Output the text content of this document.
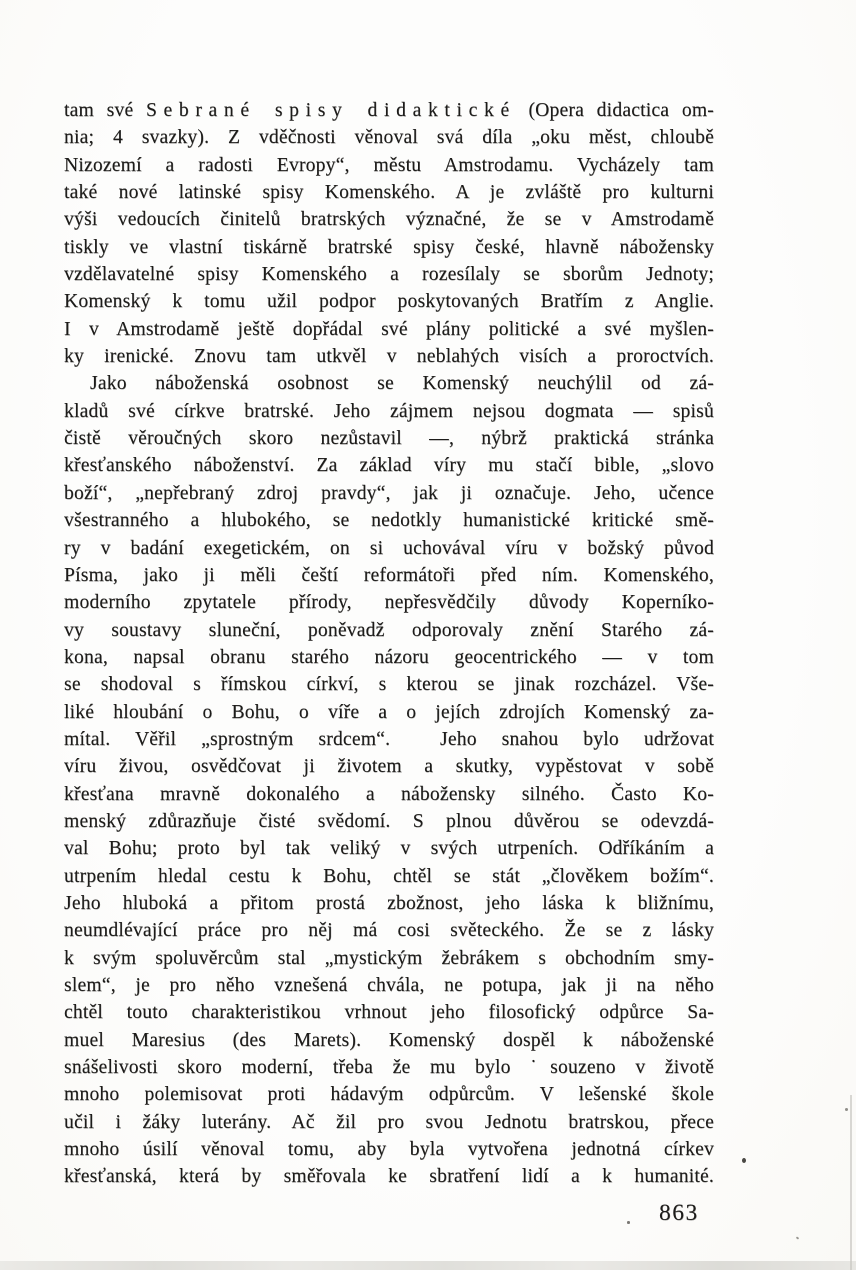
tam své Sebrané spisy didaktické (Opera didactica om-
nia; 4 svazky). Z vděčnosti věnoval svá díla „oku měst, chloubě
Nizozemí a radosti Evropy“, městu Amstrodamu. Vycházely tam
také nové latinské spisy Komenského. A je zvláště pro kulturni
výši vedoucích činitelů bratrských význačné, že se v Amstrodamě
tiskly ve vlastní tiskárně bratrské spisy české, hlavně nábožensky
vzdělavatelné spisy Komenského a rozesílaly se sborům Jednoty;
Komenský k tomu užil podpor poskytovaných Bratřím z Anglie.
I v Amstrodamě ještě dopřádal své plány politické a své myšlen-
ky irenické. Znovu tam utkvěl v neblahých visích a proroctvích.
Jako náboženská osobnost se Komenský neuchýlil od zá-
kladů své církve bratrské. Jeho zájmem nejsou dogmata — spisů
čistě věroučných skoro nezůstavil —, nýbrž praktická stránka
křesťanského náboženství. Za základ víry mu stačí bible, „slovo
boží“, „nepřebraný zdroj pravdy“, jak ji označuje. Jeho, učence
všestranného a hlubokého, se nedotkly humanistické kritické smě-
ry v badání exegetickém, on si uchovával víru v božský původ
Písma, jako ji měli čeští reformátoři před ním. Komenského,
moderního zpytatele přírody, nepřesvědčily důvody Koperníko-
vy soustavy sluneční, poněvadž odporovaly znění Starého zá-
kona, napsal obranu starého názoru geocentrického — v tom
se shodoval s římskou církví, s kterou se jinak rozcházel. Vše-
liké hloubání o Bohu, o víře a o jejích zdrojích Komenský za-
mítal. Věřil „sprostným srdcem“.  Jeho snahou bylo udržovat
víru živou, osvědčovat ji životem a skutky, vypěstovat v sobě
křesťana mravně dokonalého a nábožensky silného. Často Ko-
menský zdůrazňuje čisté svědomí. S plnou důvěrou se odevzdá-
val Bohu; proto byl tak veliký v svých utrpeních. Odříkáním a
utrpením hledal cestu k Bohu, chtěl se stát „člověkem božím“.
Jeho hluboká a přitom prostá zbožnost, jeho láska k bližnímu,
neumdlévající práce pro něj má cosi světeckého. Že se z lásky
k svým spoluvěrcům stal „mystickým žebrákem s obchodním smy-
slem“, je pro něho vznešená chvála, ne potupa, jak ji na něho
chtěl touto charakteristikou vrhnout jeho filosofický odpůrce Sa-
muel Maresius (des Marets). Komenský dospěl k náboženské
snášelivosti skoro moderní, třeba že mu bylo ˙souzeno v životě
mnoho polemisovat proti hádavým odpůrcům. V lešenské škole
učil i žáky luterány. Ač žil pro svou Jednotu bratrskou, přece
mnoho úsilí věnoval tomu, aby byla vytvořena jednotná církev
křesťanská, která by směřovala ke sbratření lidí a k humanité.
863
